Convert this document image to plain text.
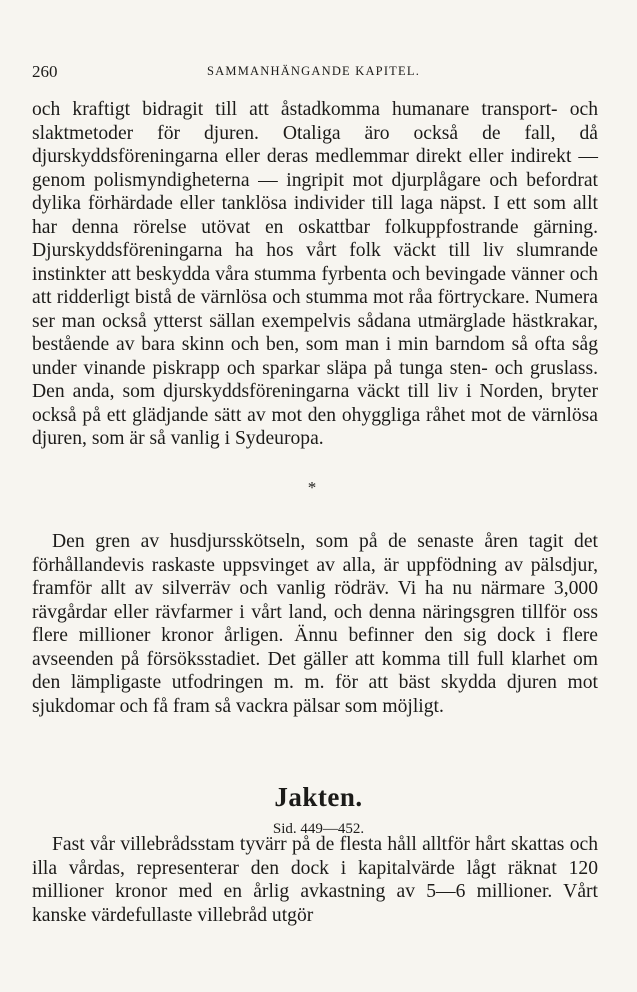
260	SAMMANHÄNGANDE KAPITEL.

och kraftigt bidragit till att åstadkomma humanare transport- och slaktmetoder för djuren. Otaliga äro också de fall, då djurskyddsföreningarna eller deras medlemmar direkt eller indirekt — genom polismyndigheterna — ingripit mot djurplågare och befordrat dylika förhärdade eller tanklösa individer till laga näpst. I ett som allt har denna rörelse utövat en oskattbar folkuppfostrande gärning. Djurskyddsföreningarna ha hos vårt folk väckt till liv slumrande instinkter att beskydda våra stumma fyrbenta och bevingade vänner och att ridderligt bistå de värnlösa och stumma mot råa förtryckare. Numera ser man också ytterst sällan exempelvis sådana utmärglade hästkrakar, bestående av bara skinn och ben, som man i min barndom så ofta såg under vinande piskrapp och sparkar släpa på tunga sten- och gruslass. Den anda, som djurskyddsföreningarna väckt till liv i Norden, bryter också på ett glädjande sätt av mot den ohyggliga råhet mot de värnlösa djuren, som är så vanlig i Sydeuropa.

*

Den gren av husdjursskötseln, som på de senaste åren tagit det förhållandevis raskaste uppsvinget av alla, är uppfödning av pälsdjur, framför allt av silverräv och vanlig rödräv. Vi ha nu närmare 3,000 rävgårdar eller rävfarmer i vårt land, och denna näringsgren tillför oss flere millioner kronor årligen. Ännu befinner den sig dock i flere avseenden på försöksstadiet. Det gäller att komma till full klarhet om den lämpligaste utfodringen m. m. för att bäst skydda djuren mot sjukdomar och få fram så vackra pälsar som möjligt.

Jakten.
Sid. 449—452.

Fast vår villebrådsstam tyvärr på de flesta håll alltför hårt skattas och illa vårdas, representerar den dock i kapitalvärde lågt räknat 120 millioner kronor med en årlig avkastning av 5—6 millioner. Vårt kanske värdefullaste villebråd utgör
